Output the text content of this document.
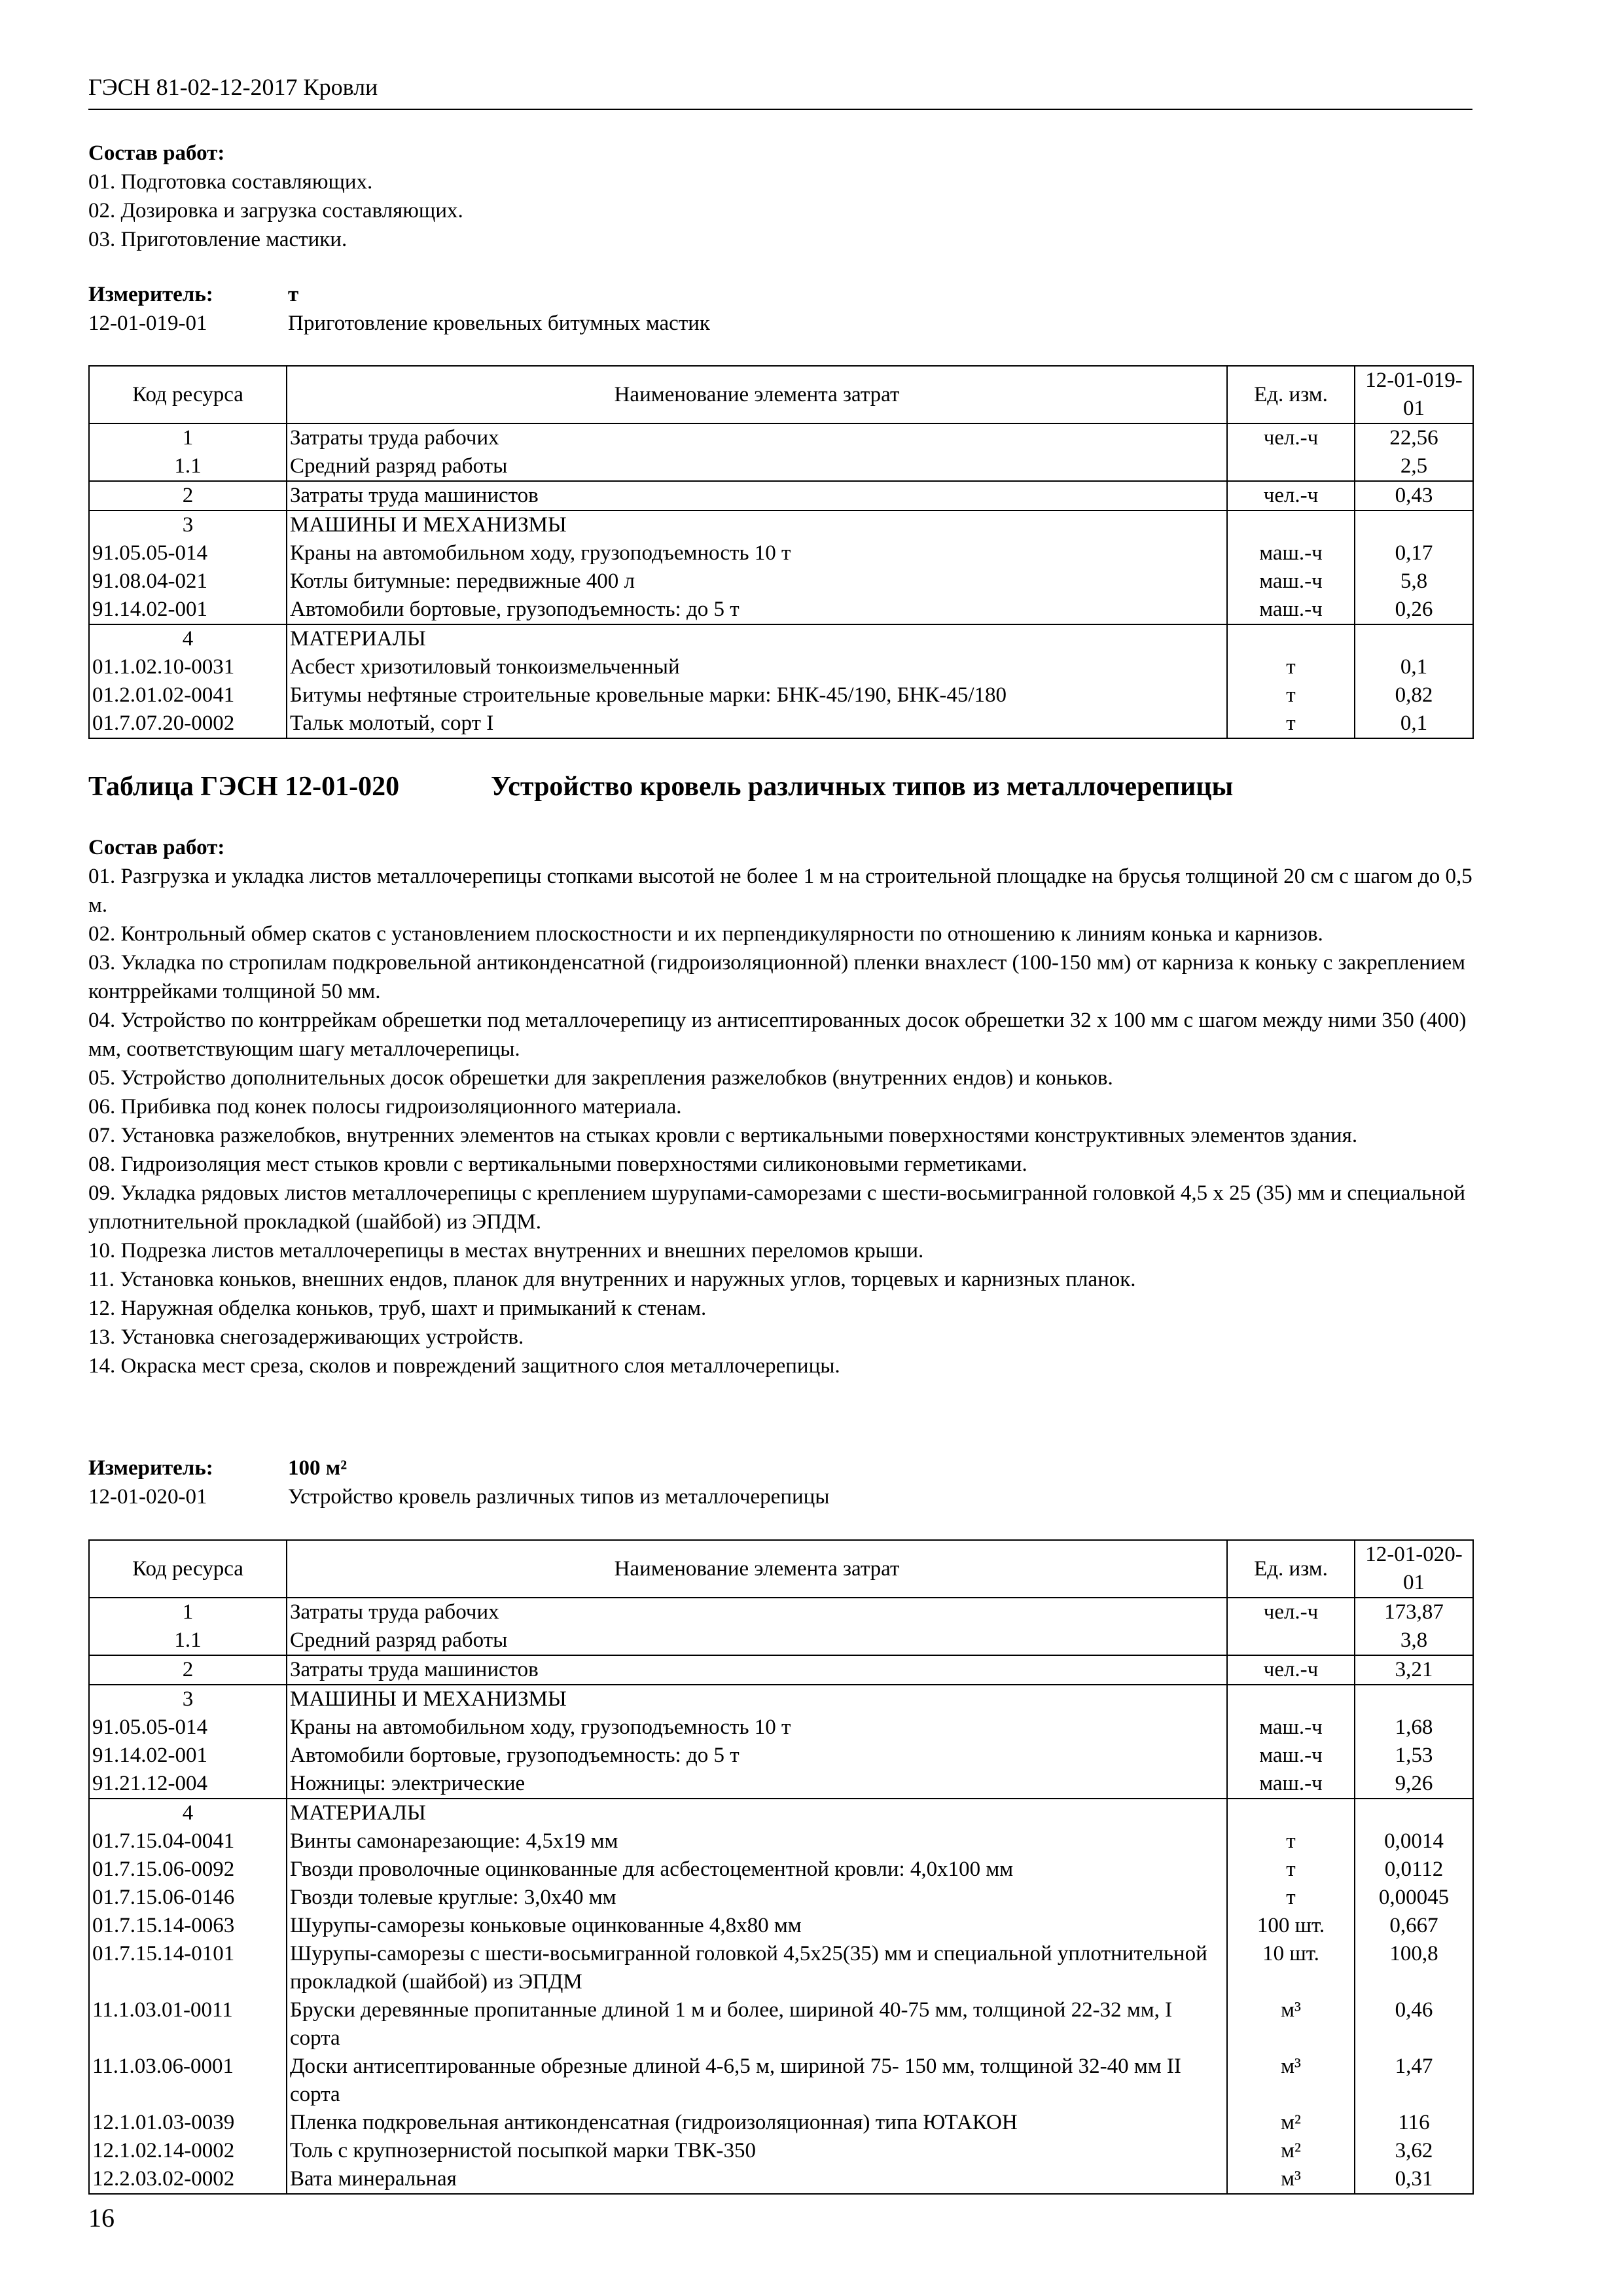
ГЭСН 81-02-12-2017 Кровли
Состав работ:
01. Подготовка составляющих.
02. Дозировка и загрузка составляющих.
03. Приготовление мастики.
Измеритель:	т
12-01-019-01	Приготовление кровельных битумных мастик
Код ресурса	Наименование элемента затрат	Ед. изм.	12-01-019-01
1	Затраты труда рабочих	чел.-ч	22,56
1.1	Средний разряд работы		2,5
2	Затраты труда машинистов	чел.-ч	0,43
3	МАШИНЫ И МЕХАНИЗМЫ		
91.05.05-014	Краны на автомобильном ходу, грузоподъемность 10 т	маш.-ч	0,17
91.08.04-021	Котлы битумные: передвижные 400 л	маш.-ч	5,8
91.14.02-001	Автомобили бортовые, грузоподъемность: до 5 т	маш.-ч	0,26
4	МАТЕРИАЛЫ		
01.1.02.10-0031	Асбест хризотиловый тонкоизмельченный	т	0,1
01.2.01.02-0041	Битумы нефтяные строительные кровельные марки: БНК-45/190, БНК-45/180	т	0,82
01.7.07.20-0002	Тальк молотый, сорт I	т	0,1
Таблица ГЭСН 12-01-020	Устройство кровель различных типов из металлочерепицы
Состав работ:
01. Разгрузка и укладка листов металлочерепицы стопками высотой не более 1 м на строительной площадке на брусья толщиной 20 см с шагом до 0,5 м.
02. Контрольный обмер скатов с установлением плоскостности и их перпендикулярности по отношению к линиям конька и карнизов.
03. Укладка по стропилам подкровельной антиконденсатной (гидроизоляционной) пленки внахлест (100-150 мм) от карниза к коньку с закреплением контррейками толщиной 50 мм.
04. Устройство по контррейкам обрешетки под металлочерепицу из антисептированных досок обрешетки 32 х 100 мм с шагом между ними 350 (400) мм, соответствующим шагу металлочерепицы.
05. Устройство дополнительных досок обрешетки для закрепления разжелобков (внутренних ендов) и коньков.
06. Прибивка под конек полосы гидроизоляционного материала.
07. Установка разжелобков, внутренних элементов на стыках кровли с вертикальными поверхностями конструктивных элементов здания.
08. Гидроизоляция мест стыков кровли с вертикальными поверхностями силиконовыми герметиками.
09. Укладка рядовых листов металлочерепицы с креплением шурупами-саморезами с шести-восьмигранной головкой 4,5 х 25 (35) мм и специальной уплотнительной прокладкой (шайбой) из ЭПДМ.
10. Подрезка листов металлочерепицы в местах внутренних и внешних переломов крыши.
11. Установка коньков, внешних ендов, планок для внутренних и наружных углов, торцевых и карнизных планок.
12. Наружная обделка коньков, труб, шахт и примыканий к стенам.
13. Установка снегозадерживающих устройств.
14. Окраска мест среза, сколов и повреждений защитного слоя металлочерепицы.
Измеритель:	100 м²
12-01-020-01	Устройство кровель различных типов из металлочерепицы
Код ресурса	Наименование элемента затрат	Ед. изм.	12-01-020-01
1	Затраты труда рабочих	чел.-ч	173,87
1.1	Средний разряд работы		3,8
2	Затраты труда машинистов	чел.-ч	3,21
3	МАШИНЫ И МЕХАНИЗМЫ		
91.05.05-014	Краны на автомобильном ходу, грузоподъемность 10 т	маш.-ч	1,68
91.14.02-001	Автомобили бортовые, грузоподъемность: до 5 т	маш.-ч	1,53
91.21.12-004	Ножницы: электрические	маш.-ч	9,26
4	МАТЕРИАЛЫ		
01.7.15.04-0041	Винты самонарезающие: 4,5х19 мм	т	0,0014
01.7.15.06-0092	Гвозди проволочные оцинкованные для асбестоцементной кровли: 4,0х100 мм	т	0,0112
01.7.15.06-0146	Гвозди толевые круглые: 3,0х40 мм	т	0,00045
01.7.15.14-0063	Шурупы-саморезы коньковые оцинкованные 4,8х80 мм	100 шт.	0,667
01.7.15.14-0101	Шурупы-саморезы с шести-восьмигранной головкой 4,5х25(35) мм и специальной уплотнительной прокладкой (шайбой) из ЭПДМ	10 шт.	100,8
11.1.03.01-0011	Бруски деревянные пропитанные длиной 1 м и более, шириной 40-75 мм, толщиной 22-32 мм, I сорта	м³	0,46
11.1.03.06-0001	Доски антисептированные обрезные длиной 4-6,5 м, шириной 75- 150 мм, толщиной 32-40 мм II сорта	м³	1,47
12.1.01.03-0039	Пленка подкровельная антиконденсатная (гидроизоляционная) типа ЮТАКОН	м²	116
12.1.02.14-0002	Толь с крупнозернистой посыпкой марки ТВК-350	м²	3,62
12.2.03.02-0002	Вата минеральная	м³	0,31
16
